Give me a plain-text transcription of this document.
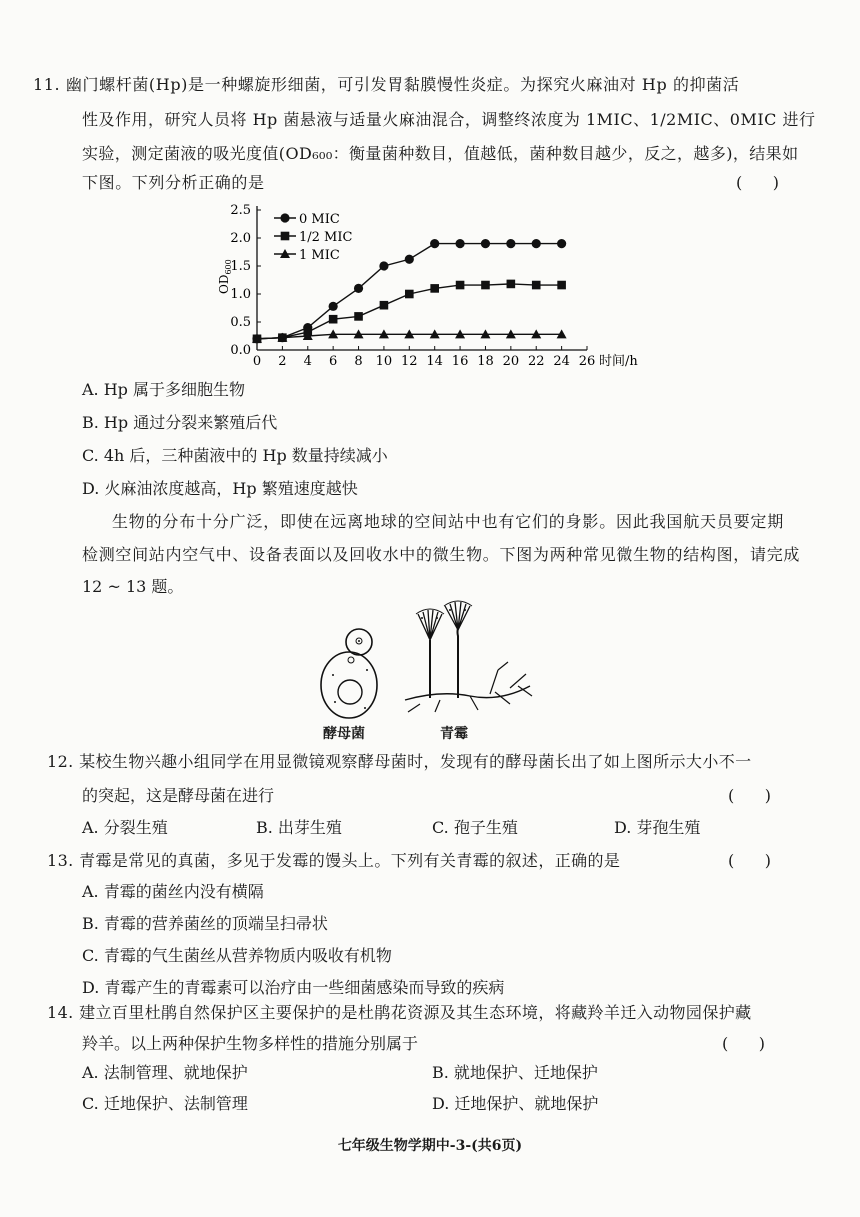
11. 幽门螺杆菌(Hp)是一种螺旋形细菌，可引发胃黏膜慢性炎症。为探究火麻油对 Hp 的抑菌活
性及作用，研究人员将 Hp 菌悬液与适量火麻油混合，调整终浓度为 1MIC、1/2MIC、0MIC 进行
实验，测定菌液的吸光度值(OD₆₀₀：衡量菌种数目，值越低，菌种数目越少，反之，越多)，结果如
下图。下列分析正确的是	(      )
0.0
0.5
1.0
1.5
2.0
2.5
0 2 4 6 8 10 12 14 16 18 20 22 24 26 时间/h
$OD_{600}$
0 MIC
1/2 MIC
1 MIC
A. Hp 属于多细胞生物
B. Hp 通过分裂来繁殖后代
C. 4h 后，三种菌液中的 Hp 数量持续减小
D. 火麻油浓度越高，Hp 繁殖速度越快
生物的分布十分广泛，即使在远离地球的空间站中也有它们的身影。因此我国航天员要定期
检测空间站内空气中、设备表面以及回收水中的微生物。下图为两种常见微生物的结构图，请完成
12 ~ 13 题。
酵母菌	青霉
12. 某校生物兴趣小组同学在用显微镜观察酵母菌时，发现有的酵母菌长出了如上图所示大小不一
的突起，这是酵母菌在进行	(      )
A. 分裂生殖	B. 出芽生殖	C. 孢子生殖	D. 芽孢生殖
13. 青霉是常见的真菌，多见于发霉的馒头上。下列有关青霉的叙述，正确的是	(      )
A. 青霉的菌丝内没有横隔
B. 青霉的营养菌丝的顶端呈扫帚状
C. 青霉的气生菌丝从营养物质内吸收有机物
D. 青霉产生的青霉素可以治疗由一些细菌感染而导致的疾病
14. 建立百里杜鹃自然保护区主要保护的是杜鹃花资源及其生态环境，将藏羚羊迁入动物园保护藏
羚羊。以上两种保护生物多样性的措施分别属于	(      )
A. 法制管理、就地保护	B. 就地保护、迁地保护
C. 迁地保护、法制管理	D. 迁地保护、就地保护
七年级生物学期中-3-(共6页)
